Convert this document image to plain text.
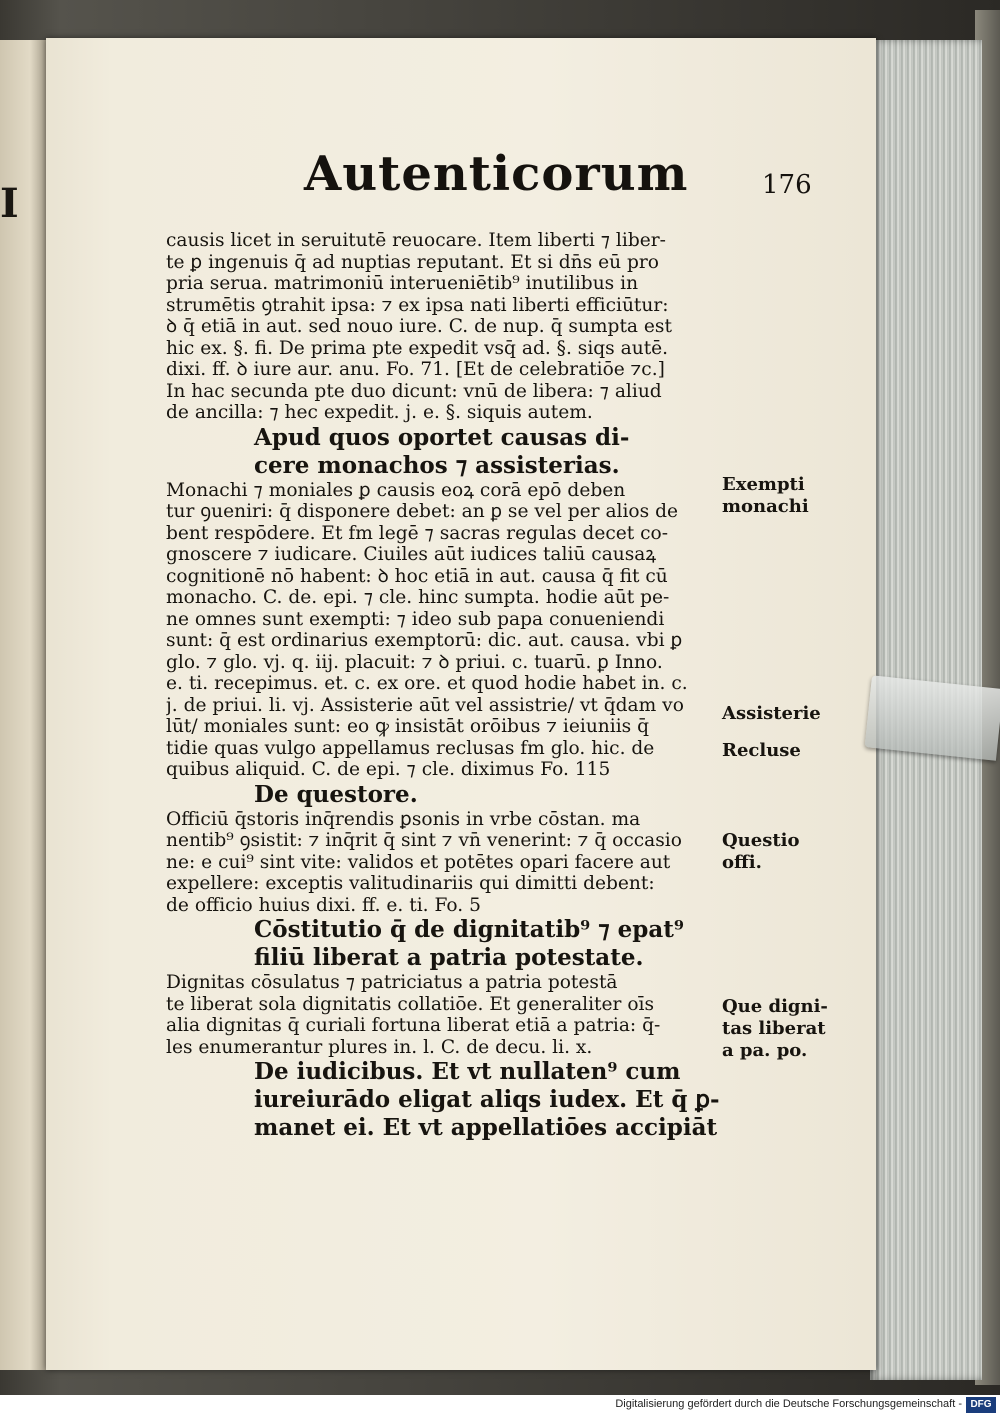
I
Autenticorum	176
causis licet in seruitutē reuocare. Item liberti ⁊ liber-
te ꝑ ingenuis q̄ ad nuptias reputant. Et si dn̄s eū pro
pria serua. matrimoniū interueniētib⁹ inutilibus in
strumētis ꝯtrahit ipsa: ⁊ ex ipsa nati liberti efficiūtur:
ꝺ q̄ etiā in aut. sed nouo iure. C. de nup. q̄ sumpta est
hic ex. §. fi. De prima pte expedit vsq̄ ad. §. siqs autē.
dixi. ff. ꝺ iure aur. anu. Fo. 71. [Et de celebratiōe ⁊c.]
In hac secunda pte duo dicunt: vnū de libera: ⁊ aliud
de ancilla: ⁊ hec expedit. j. e. §. siquis autem.
Apud quos oportet causas di-
cere monachos ⁊ assisterias.
Monachi ⁊ moniales ꝑ causis eoꝝ corā epō deben
tur ꝯueniri: q̄ disponere debet: an ꝑ se vel per alios de
bent respōdere. Et fm legē ⁊ sacras regulas decet co-
gnoscere ⁊ iudicare. Ciuiles aūt iudices taliū causaꝝ
cognitionē nō habent: ꝺ hoc etiā in aut. causa q̄ fit cū
monacho. C. de. epi. ⁊ cle. hinc sumpta. hodie aūt pe-
ne omnes sunt exempti: ⁊ ideo sub papa conueniendi
sunt: q̄ est ordinarius exemptorū: dic. aut. causa. vbi ꝑ
glo. ⁊ glo. vj. q. iij. placuit: ⁊ ꝺ priui. c. tuarū. ꝑ Inno.
e. ti. recepimus. et. c. ex ore. et quod hodie habet in. c.
j. de priui. li. vj. Assisterie aūt vel assistrie/ vt q̄dam vo
lūt/ moniales sunt: eo ꝙ insistāt orōibus ⁊ ieiuniis q̄
tidie quas vulgo appellamus reclusas fm glo. hic. de
quibus aliquid. C. de epi. ⁊ cle. diximus Fo. 115
De questore.
Officiū q̄storis inq̄rendis ꝑsonis in vrbe cōstan. ma
nentib⁹ ꝯsistit: ⁊ inq̄rit q̄ sint ⁊ vn̄ venerint: ⁊ q̄ occasio
ne: e cui⁹ sint vite: validos et potētes opari facere aut
expellere: exceptis valitudinariis qui dimitti debent:
de officio huius dixi. ff. e. ti. Fo. 5
Cōstitutio q̄ de dignitatib⁹ ⁊ epat⁹
filiū liberat a patria potestate.
Dignitas cōsulatus ⁊ patriciatus a patria potestā
te liberat sola dignitatis collatiōe. Et generaliter oīs
alia dignitas q̄ curiali fortuna liberat etiā a patria: q̄-
les enumerantur plures in. l. C. de decu. li. x.
De iudicibus. Et vt nullaten⁹ cum
iureiurādo eligat aliqs iudex. Et q̄ ꝑ-
manet ei. Et vt appellatiōes accipiāt
Exempti
monachi
Assisterie
Recluse
Questio
offi.
Que digni-
tas liberat
a pa. po.
Digitalisierung gefördert durch die Deutsche Forschungsgemeinschaft - DFG
